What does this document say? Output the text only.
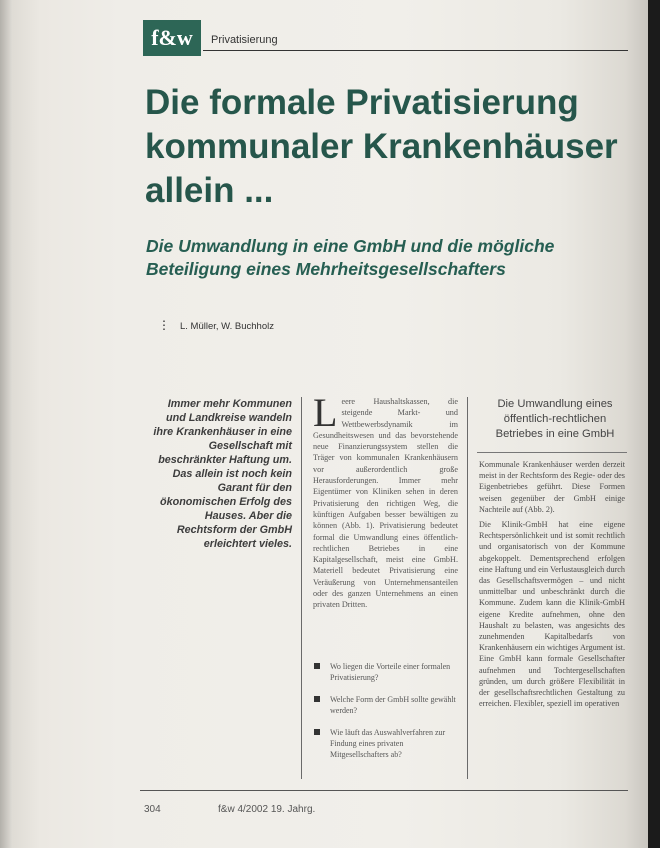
f&w	Privatisierung
Die formale Privatisierung kommunaler Krankenhäuser allein ...
Die Umwandlung in eine GmbH und die mögliche Beteiligung eines Mehrheitsgesellschafters
⋮ L. Müller, W. Buchholz

Immer mehr Kommunen und Landkreise wandeln ihre Krankenhäuser in eine Gesellschaft mit beschränkter Haftung um. Das allein ist noch kein Garant für den ökonomischen Erfolg des Hauses. Aber die Rechtsform der GmbH erleichtert vieles.

Leere Haushaltskassen, die steigende Markt- und Wettbewerbsdynamik im Gesundheitswesen und das bevorstehende neue Finanzierungssystem stellen die Träger von kommunalen Krankenhäusern vor außerordentlich große Herausforderungen. Immer mehr Eigentümer von Kliniken sehen in deren Privatisierung den richtigen Weg, die künftigen Aufgaben besser bewältigen zu können (Abb. 1). Privatisierung bedeutet formal die Umwandlung eines öffentlich-rechtlichen Betriebes in eine Kapitalgesellschaft, meist eine GmbH. Materiell bedeutet Privatisierung eine Veräußerung von Unternehmensanteilen oder des ganzen Unternehmens an einen privaten Dritten.

Wo liegen die Vorteile einer formalen Privatisierung?
Welche Form der GmbH sollte gewählt werden?
Wie läuft das Auswahlverfahren zur Findung eines privaten Mitgesellschafters ab?
Die Umwandlung eines öffentlich-rechtlichen Betriebes in eine GmbH

Kommunale Krankenhäuser werden derzeit meist in der Rechtsform des Regie- oder des Eigenbetriebes geführt. Diese Formen weisen gegenüber der GmbH einige Nachteile auf (Abb. 2).

Die Klinik-GmbH hat eine eigene Rechtspersönlichkeit und ist somit rechtlich und organisatorisch von der Kommune abgekoppelt. Dementsprechend erfolgen eine Haftung und ein Verlustausgleich durch das Gesellschaftsvermögen – und nicht unmittelbar und unbeschränkt durch die Kommune. Zudem kann die Klinik-GmbH eigene Kredite aufnehmen, ohne den Haushalt zu belasten, was angesichts des zunehmenden Kapitalbedarfs von Krankenhäusern ein wichtiges Argument ist. Eine GmbH kann formale Gesellschafter aufnehmen und Tochtergesellschaften gründen, um durch größere Flexibilität in der gesellschaftsrechtlichen Gestaltung zu erreichen. Flexibler, speziell im operativen

304	f&w 4/2002 19. Jahrg.
